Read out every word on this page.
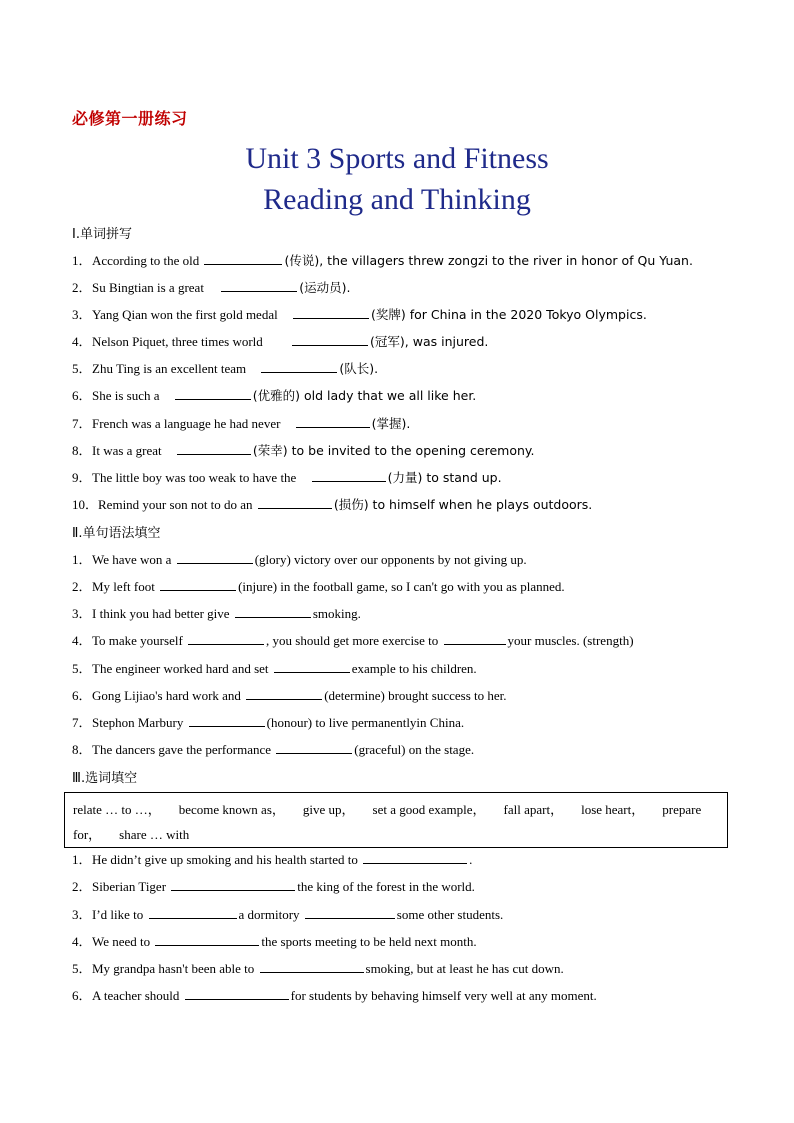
必修第一册练习
Unit 3 Sports and Fitness
Reading and Thinking
Ⅰ.单词拼写
1．According to the old	(传说), the villagers threw zongzi to the river in honor of Qu Yuan.
2．Su Bingtian is a great	(运动员).
3．Yang Qian won the first gold medal	(奖牌) for China in the 2020 Tokyo Olympics.
4．Nelson Piquet, three times world	(冠军), was injured.
5．Zhu Ting is an excellent team	(队长).
6．She is such a	(优雅的) old lady that we all like her.
7．French was a language he had never	(掌握).
8．It was a great	(荣幸) to be invited to the opening ceremony.
9．The little boy was too weak to have the	(力量) to stand up.
10．Remind your son not to do an	(损伤) to himself when he plays outdoors.
Ⅱ.单句语法填空
1．We have won a	(glory) victory over our opponents by not giving up.
2．My left foot	(injure) in the football game, so I can't go with you as planned.
3．I think you had better give	smoking.
4．To make yourself	, you should get more exercise to	your muscles. (strength)
5．The engineer worked hard and set	example to his children.
6．Gong Lijiao's hard work and	(determine) brought success to her.
7．Stephon Marbury	(honour) to live permanentlyin China.
8．The dancers gave the performance	(graceful) on the stage.
Ⅲ.选词填空
relate … to …， become known as， give up， set a good example， fall apart， lose heart， prepare for， share … with
1．He didn’t give up smoking and his health started to	.
2．Siberian Tiger	the king of the forest in the world.
3．I’d like to	a dormitory	some other students.
4．We need to	the sports meeting to be held next month.
5．My grandpa hasn't been able to	smoking, but at least he has cut down.
6．A teacher should	for students by behaving himself very well at any moment.
